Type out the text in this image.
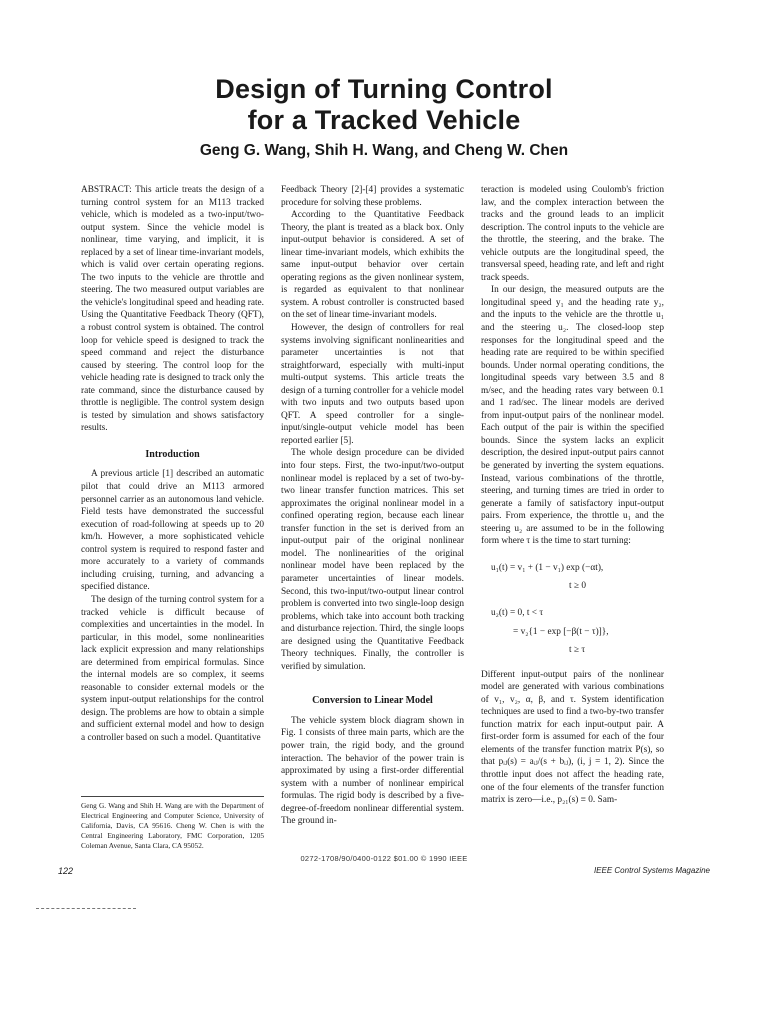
Design of Turning Control
for a Tracked Vehicle
Geng G. Wang, Shih H. Wang, and Cheng W. Chen

ABSTRACT: This article treats the design of a turning control system for an M113 tracked vehicle, which is modeled as a two-input/two-output system. Since the vehicle model is nonlinear, time varying, and implicit, it is replaced by a set of linear time-invariant models, which is valid over certain operating regions. The two inputs to the vehicle are throttle and steering. The two measured output variables are the vehicle's longitudinal speed and heading rate. Using the Quantitative Feedback Theory (QFT), a robust control system is obtained. The control loop for vehicle speed is designed to track the speed command and reject the disturbance caused by steering. The control loop for the vehicle heading rate is designed to track only the rate command, since the disturbance caused by throttle is negligible. The control system design is tested by simulation and shows satisfactory results.

Introduction

A previous article [1] described an automatic pilot that could drive an M113 armored personnel carrier as an autonomous land vehicle. Field tests have demonstrated the successful execution of road-following at speeds up to 20 km/h. However, a more sophisticated vehicle control system is required to respond faster and more accurately to a variety of commands including cruising, turning, and advancing a specified distance.

The design of the turning control system for a tracked vehicle is difficult because of complexities and uncertainties in the model. In particular, in this model, some nonlinearities lack explicit expression and many relationships are determined from empirical formulas. Since the internal models are so complex, it seems reasonable to consider external models or the system input-output relationships for the control design. The problems are how to obtain a simple and sufficient external model and how to design a controller based on such a model. Quantitative

Geng G. Wang and Shih H. Wang are with the Department of Electrical Engineering and Computer Science, University of California, Davis, CA 95616. Cheng W. Chen is with the Central Engineering Laboratory, FMC Corporation, 1205 Coleman Avenue, Santa Clara, CA 95052.

Feedback Theory [2]-[4] provides a systematic procedure for solving these problems.

According to the Quantitative Feedback Theory, the plant is treated as a black box. Only input-output behavior is considered. A set of linear time-invariant models, which exhibits the same input-output behavior over certain operating regions as the given nonlinear system, is regarded as equivalent to that nonlinear system. A robust controller is constructed based on the set of linear time-invariant models.

However, the design of controllers for real systems involving significant nonlinearities and parameter uncertainties is not that straightforward, especially with multi-input multi-output systems. This article treats the design of a turning controller for a vehicle model with two inputs and two outputs based upon QFT. A speed controller for a single-input/single-output vehicle model has been reported earlier [5].

The whole design procedure can be divided into four steps. First, the two-input/two-output nonlinear model is replaced by a set of two-by-two linear transfer function matrices. This set approximates the original nonlinear model in a confined operating region, because each linear transfer function in the set is derived from an input-output pair of the original nonlinear model. The nonlinearities of the original nonlinear model have been replaced by the parameter uncertainties of linear models. Second, this two-input/two-output linear control problem is converted into two single-loop design problems, which take into account both tracking and disturbance rejection. Third, the single loops are designed using the Quantitative Feedback Theory techniques. Finally, the controller is verified by simulation.

Conversion to Linear Model

The vehicle system block diagram shown in Fig. 1 consists of three main parts, which are the power train, the rigid body, and the ground interaction. The behavior of the power train is approximated by using a first-order differential system with a number of nonlinear empirical formulas. The rigid body is described by a five-degree-of-freedom nonlinear differential system. The ground in-

teraction is modeled using Coulomb's friction law, and the complex interaction between the tracks and the ground leads to an implicit description. The control inputs to the vehicle are the throttle, the steering, and the brake. The vehicle outputs are the longitudinal speed, the transversal speed, heading rate, and left and right track speeds.

In our design, the measured outputs are the longitudinal speed y₁ and the heading rate y₂, and the inputs to the vehicle are the throttle u₁ and the steering u₂. The closed-loop step responses for the longitudinal speed and the heading rate are required to be within specified bounds. Under normal operating conditions, the longitudinal speeds vary between 3.5 and 8 m/sec, and the heading rates vary between 0.1 and 1 rad/sec. The linear models are derived from input-output pairs of the nonlinear model. Each output of the pair is within the specified bounds. Since the system lacks an explicit description, the desired input-output pairs cannot be generated by inverting the system equations. Instead, various combinations of the throttle, steering, and turning times are tried in order to generate a family of satisfactory input-output pairs. From experience, the throttle u₁ and the steering u₂ are assumed to be in the following form where τ is the time to start turning:

u₁(t) = v₁ + (1 − v₁) exp (−αt),
t ≥ 0
u₂(t) = 0, t < τ
= v₂{1 − exp [−β(t − τ)]},
t ≥ τ

Different input-output pairs of the nonlinear model are generated with various combinations of v₁, v₂, α, β, and τ. System identification techniques are used to find a two-by-two transfer function matrix for each input-output pair. A first-order form is assumed for each of the four elements of the transfer function matrix P(s), so that pᵢⱼ(s) = aᵢⱼ/(s + bᵢⱼ), (i, j = 1, 2). Since the throttle input does not affect the heading rate, one of the four elements of the transfer function matrix is zero—i.e., p₂₁(s) ≡ 0. Sam-

0272-1708/90/0400-0122 $01.00 © 1990 IEEE
122	IEEE Control Systems Magazine
